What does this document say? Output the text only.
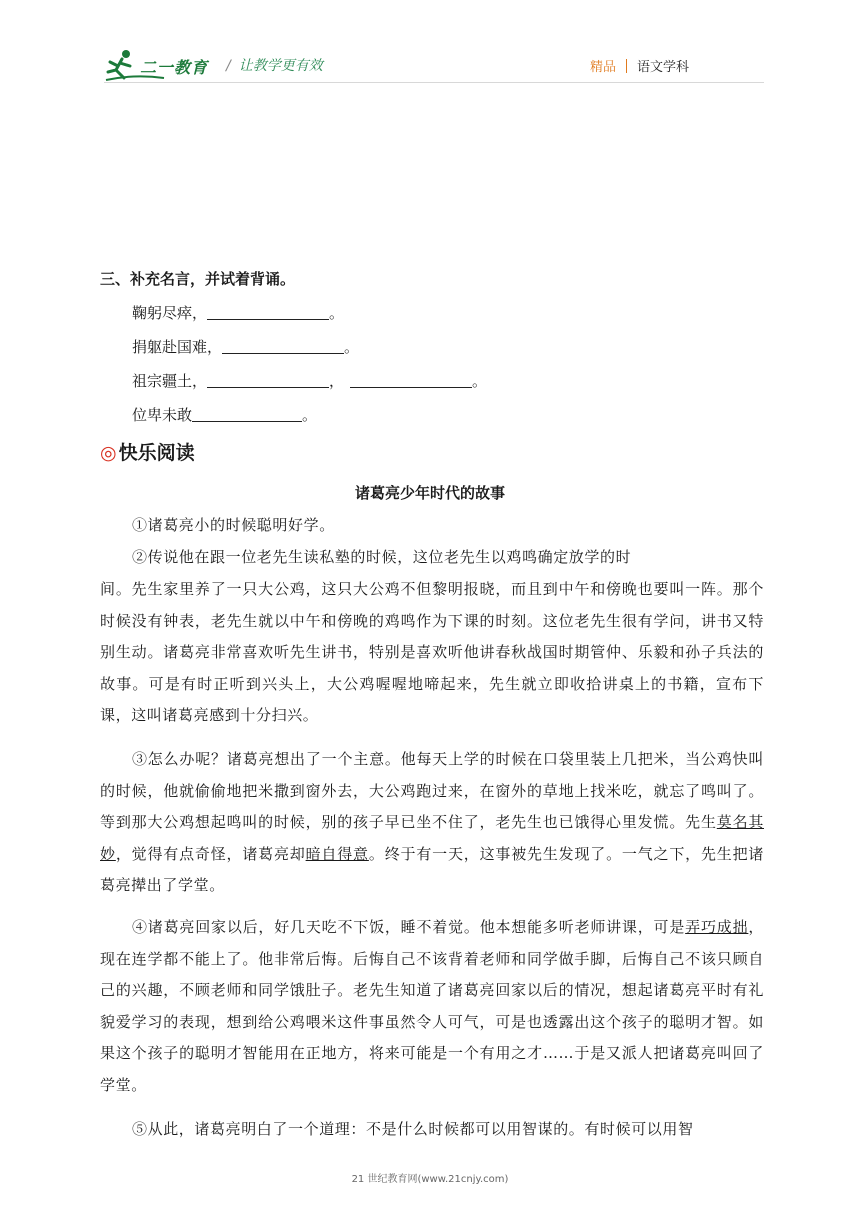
二一教育 / 让教学更有效	精品 语文学科
三、补充名言，并试着背诵。
鞠躬尽瘁，	。
捐躯赴国难，	。
祖宗疆土，	，	。
位卑未敢	。
◎ 快乐阅读
诸葛亮少年时代的故事
①诸葛亮小的时候聪明好学。
②传说他在跟一位老先生读私塾的时候，这位老先生以鸡鸣确定放学的时
间。先生家里养了一只大公鸡，这只大公鸡不但黎明报晓，而且到中午和傍晚也要叫一阵。那个时候没有钟表，老先生就以中午和傍晚的鸡鸣作为下课的时刻。这位老先生很有学问，讲书又特别生动。诸葛亮非常喜欢听先生讲书，特别是喜欢听他讲春秋战国时期管仲、乐毅和孙子兵法的故事。可是有时正听到兴头上，大公鸡喔喔地啼起来，先生就立即收拾讲桌上的书籍，宣布下课，这叫诸葛亮感到十分扫兴。
③怎么办呢？诸葛亮想出了一个主意。他每天上学的时候在口袋里装上几把米，当公鸡快叫的时候，他就偷偷地把米撒到窗外去，大公鸡跑过来，在窗外的草地上找米吃，就忘了鸣叫了。等到那大公鸡想起鸣叫的时候，别的孩子早已坐不住了，老先生也已饿得心里发慌。先生莫名其妙，觉得有点奇怪，诸葛亮却暗自得意。终于有一天，这事被先生发现了。一气之下，先生把诸葛亮撵出了学堂。
④诸葛亮回家以后，好几天吃不下饭，睡不着觉。他本想能多听老师讲课，可是弄巧成拙，现在连学都不能上了。他非常后悔。后悔自己不该背着老师和同学做手脚，后悔自己不该只顾自己的兴趣，不顾老师和同学饿肚子。老先生知道了诸葛亮回家以后的情况，想起诸葛亮平时有礼貌爱学习的表现，想到给公鸡喂米这件事虽然令人可气，可是也透露出这个孩子的聪明才智。如果这个孩子的聪明才智能用在正地方，将来可能是一个有用之才……于是又派人把诸葛亮叫回了学堂。
⑤从此，诸葛亮明白了一个道理：不是什么时候都可以用智谋的。有时候可以用智
21 世纪教育网(www.21cnjy.com)
